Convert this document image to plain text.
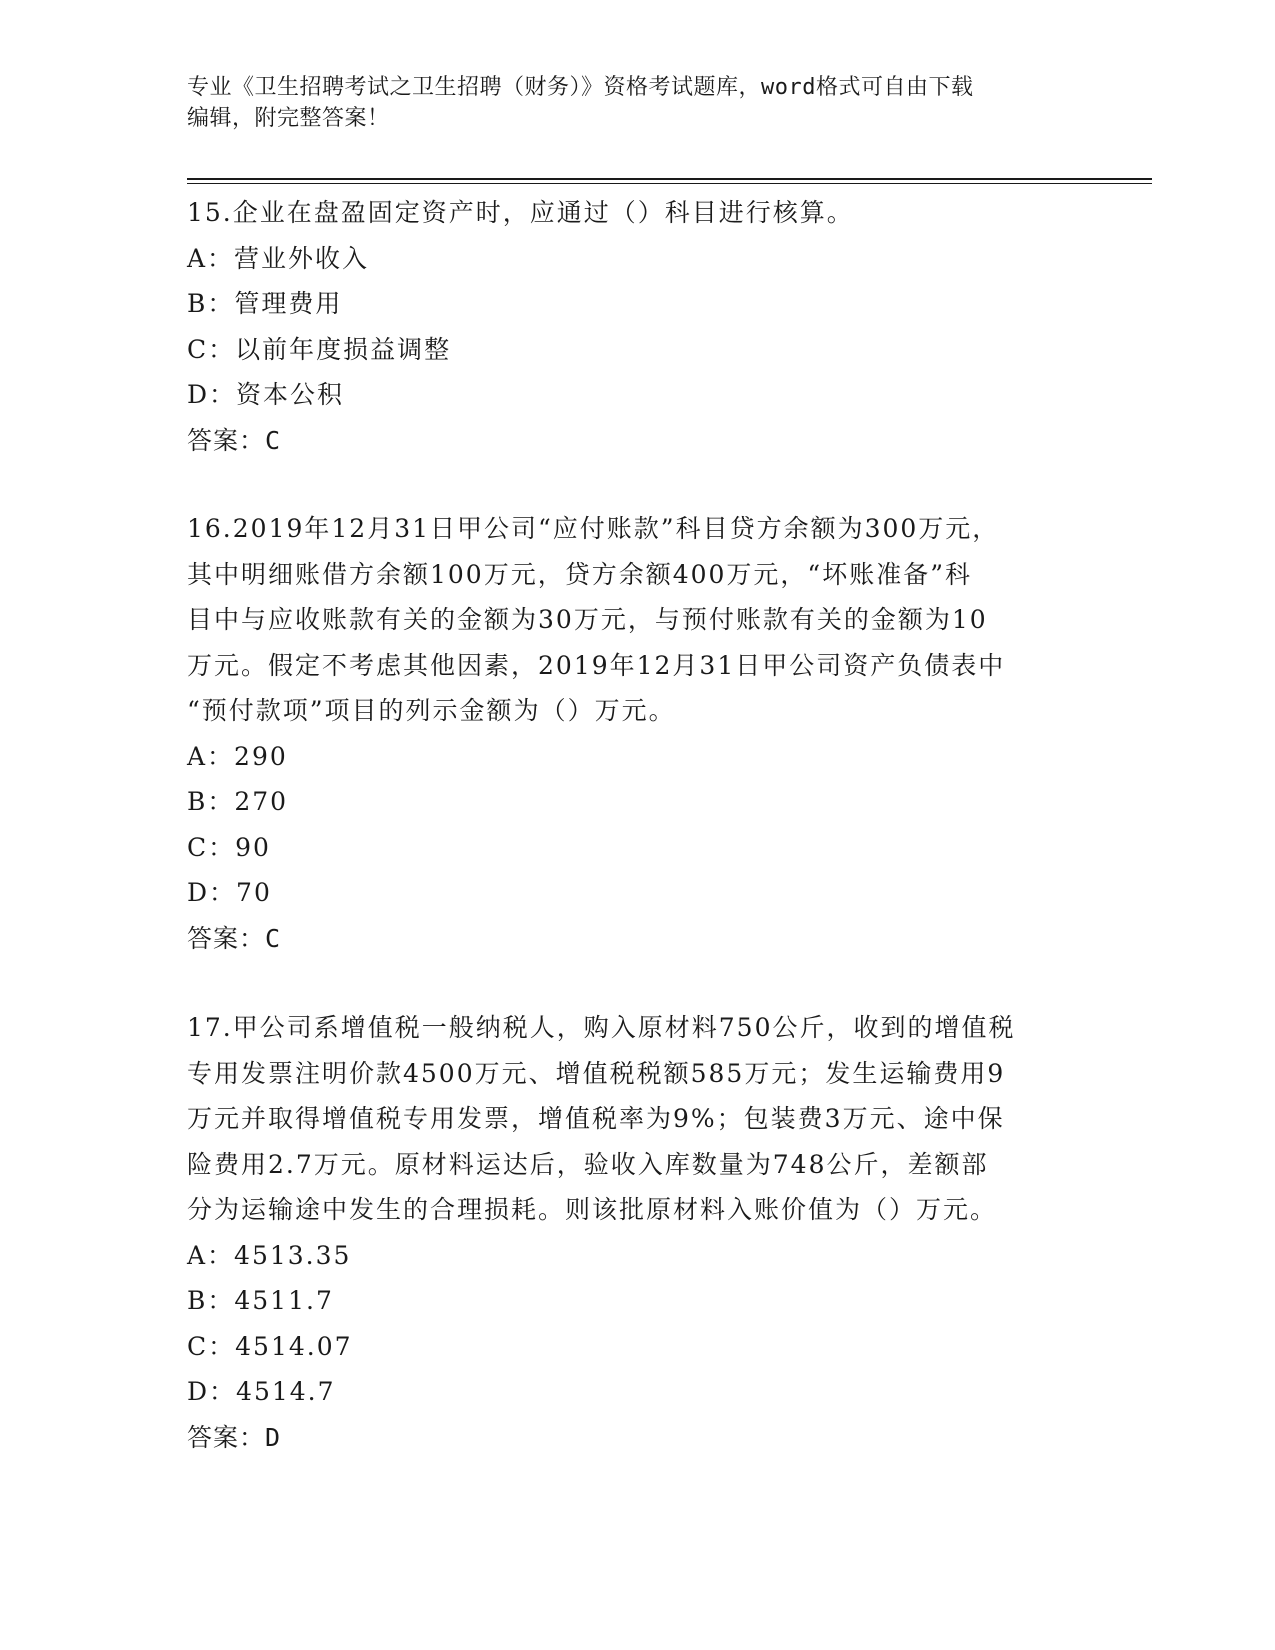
专业《卫生招聘考试之卫生招聘（财务）》资格考试题库，word格式可自由下载
编辑，附完整答案！
15.企业在盘盈固定资产时，应通过（）科目进行核算。
A：营业外收入
B：管理费用
C：以前年度损益调整
D：资本公积
答案：C
16.2019年12月31日甲公司“应付账款”科目贷方余额为300万元，
其中明细账借方余额100万元，贷方余额400万元，“坏账准备”科
目中与应收账款有关的金额为30万元，与预付账款有关的金额为10
万元。假定不考虑其他因素，2019年12月31日甲公司资产负债表中
“预付款项”项目的列示金额为（）万元。
A：290
B：270
C：90
D：70
答案：C
17.甲公司系增值税一般纳税人，购入原材料750公斤，收到的增值税
专用发票注明价款4500万元、增值税税额585万元；发生运输费用9
万元并取得增值税专用发票，增值税率为9%；包装费3万元、途中保
险费用2.7万元。原材料运达后，验收入库数量为748公斤，差额部
分为运输途中发生的合理损耗。则该批原材料入账价值为（）万元。
A：4513.35
B：4511.7
C：4514.07
D：4514.7
答案：D
